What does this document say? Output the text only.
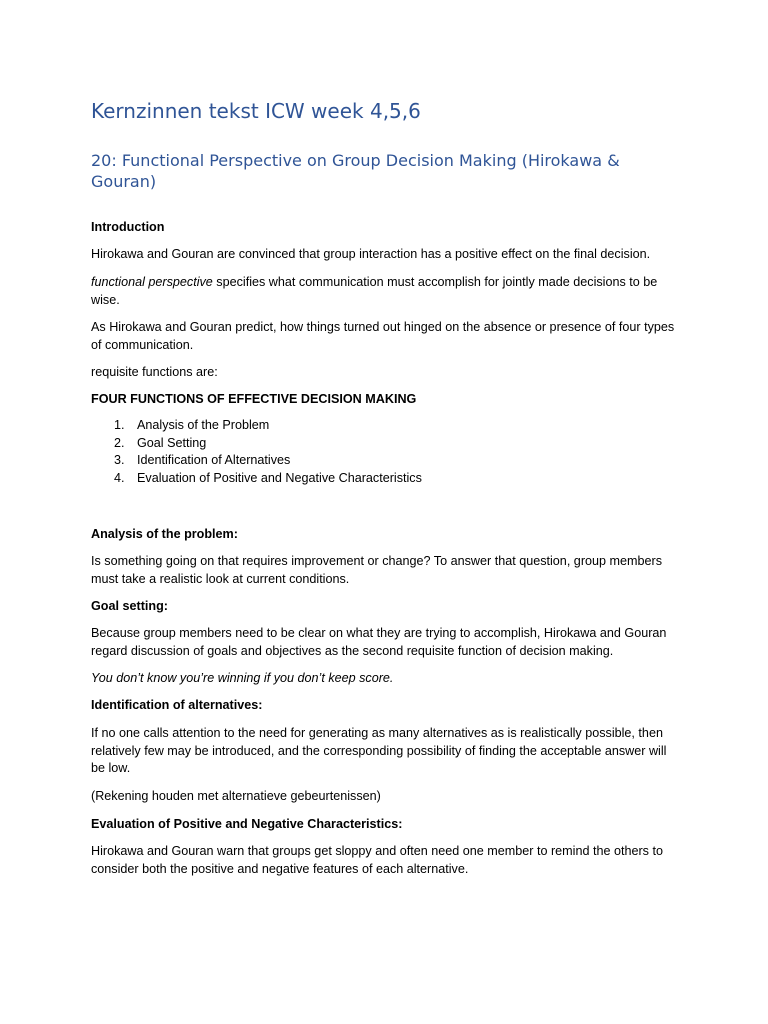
Kernzinnen tekst ICW week 4,5,6
20: Functional Perspective on Group Decision Making (Hirokawa & Gouran)

Introduction

Hirokawa and Gouran are convinced that group interaction has a positive effect on the final decision.

functional perspective specifies what communication must accomplish for jointly made decisions to be wise.

As Hirokawa and Gouran predict, how things turned out hinged on the absence or presence of four types of communication.

requisite functions are:

FOUR FUNCTIONS OF EFFECTIVE DECISION MAKING

1. Analysis of the Problem
2. Goal Setting
3. Identification of Alternatives
4. Evaluation of Positive and Negative Characteristics

Analysis of the problem:

Is something going on that requires improvement or change? To answer that question, group members must take a realistic look at current conditions.

Goal setting:

Because group members need to be clear on what they are trying to accomplish, Hirokawa and Gouran regard discussion of goals and objectives as the second requisite function of decision making.

You don’t know you’re winning if you don’t keep score.

Identification of alternatives:

If no one calls attention to the need for generating as many alternatives as is realistically possible, then relatively few may be introduced, and the corresponding possibility of finding the acceptable answer will be low.

(Rekening houden met alternatieve gebeurtenissen)

Evaluation of Positive and Negative Characteristics:

Hirokawa and Gouran warn that groups get sloppy and often need one member to remind the others to consider both the positive and negative features of each alternative.
